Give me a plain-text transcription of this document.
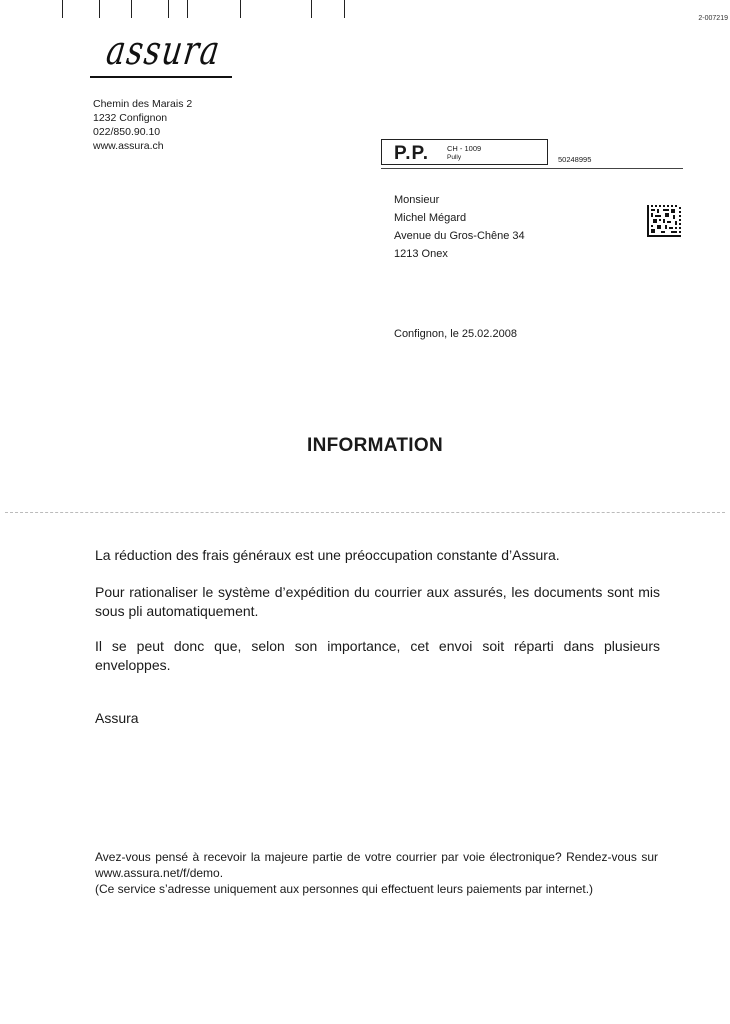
2-007219
assura
Chemin des Marais 2
1232 Confignon
022/850.90.10
www.assura.ch	P.P. CH - 1009
Pully	50248995
Monsieur
Michel Mégard
Avenue du Gros-Chêne 34
1213 Onex
Confignon, le 25.02.2008
INFORMATION
La réduction des frais généraux est une préoccupation constante d’Assura.
Pour rationaliser le système d’expédition du courrier aux assurés, les documents sont mis sous pli automatiquement.
Il se peut donc que, selon son importance, cet envoi soit réparti dans plusieurs enveloppes.
Assura

Avez-vous pensé à recevoir la majeure partie de votre courrier par voie électronique? Rendez-vous sur www.assura.net/f/demo.

(Ce service s’adresse uniquement aux personnes qui effectuent leurs paiements par internet.)
